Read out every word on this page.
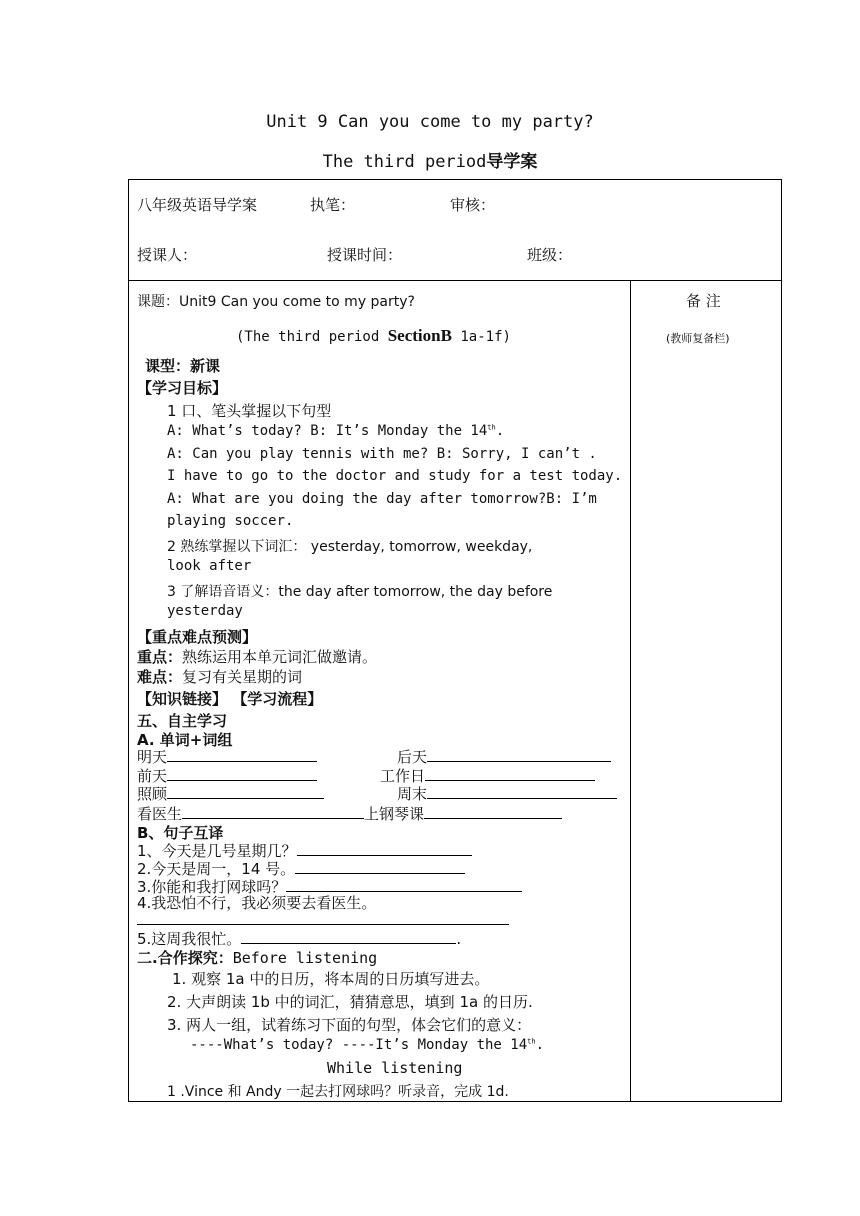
Unit 9 Can you come to my party?
The third period导学案
八年级英语导学案	执笔：	审核：
授课人：	授课时间：	班级：
备 注
(教师复备栏)
课题：Unit9 Can you come to my party?
(The third period SectionB 1a-1f)
课型：新课
【学习目标】
1 口、笔头掌握以下句型
A: What’s today? B: It’s Monday the 14th.
A: Can you play tennis with me? B: Sorry, I can’t .
I have to go to the doctor and study for a test today.
A: What are you doing the day after tomorrow?B: I’m
playing soccer.
2 熟练掌握以下词汇： yesterday, tomorrow, weekday,
look after
3 了解语音语义：the day after tomorrow, the day before
yesterday
【重点难点预测】
重点：熟练运用本单元词汇做邀请。
难点：复习有关星期的词
【知识链接】 【学习流程】
五、自主学习
A. 单词+词组
明天	后天
前天	工作日
照顾	周末
看医生	上钢琴课
B、句子互译
1、今天是几号星期几？
2.今天是周一，14 号。
3.你能和我打网球吗？
4.我恐怕不行，我必须要去看医生。
5.这周我很忙。	.
二.合作探究：Before listening
1. 观察 1a 中的日历，将本周的日历填写进去。
2. 大声朗读 1b 中的词汇，猜猜意思，填到 1a 的日历.
3. 两人一组，试着练习下面的句型，体会它们的意义：
----What’s today? ----It’s Monday the 14th.
While listening
1 .Vince 和 Andy 一起去打网球吗？听录音，完成 1d.
